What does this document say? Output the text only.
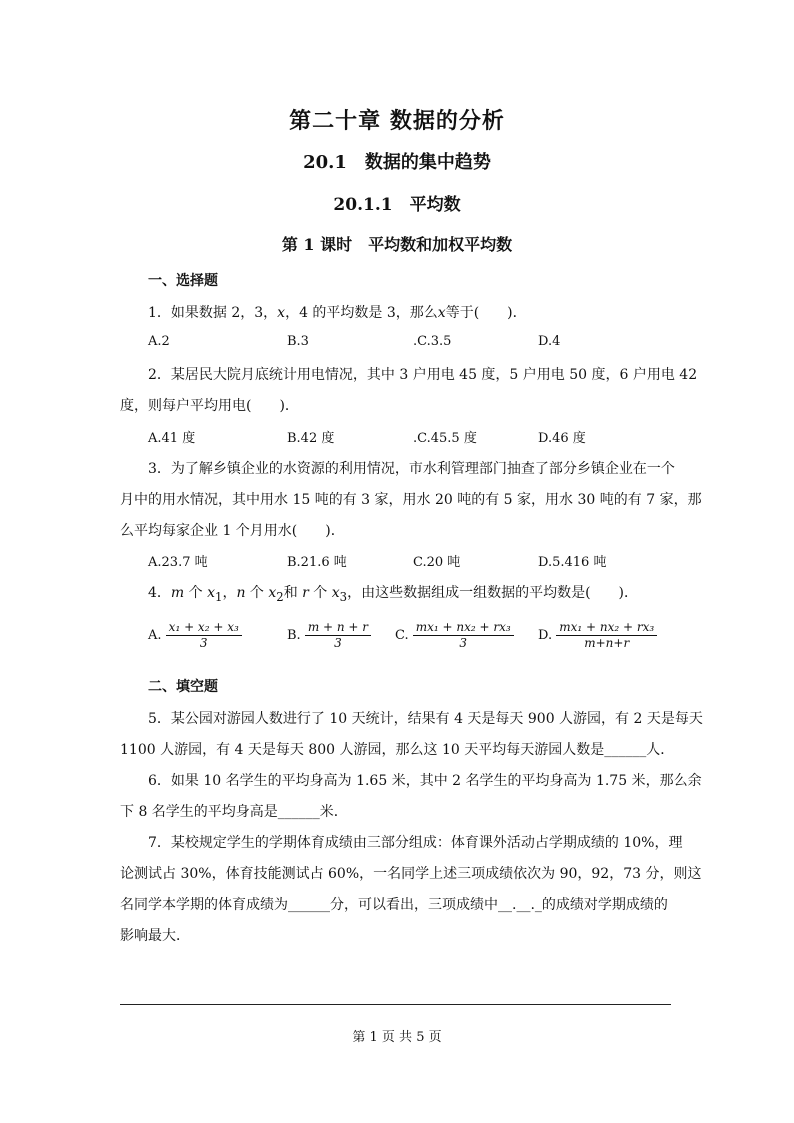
第二十章 数据的分析
20.1　数据的集中趋势
20.1.1　平均数
第 1 课时　平均数和加权平均数
一、选择题
1．如果数据 2，3，x，4 的平均数是 3，那么x等于(　　)．
A.2	B.3	.C.3.5	D.4
2．某居民大院月底统计用电情况，其中 3 户用电 45 度，5 户用电 50 度，6 户用电 42
度，则每户平均用电(　　)．
A.41 度	B.42 度	.C.45.5 度	D.46 度
3．为了解乡镇企业的水资源的利用情况，市水利管理部门抽查了部分乡镇企业在一个
月中的用水情况，其中用水 15 吨的有 3 家，用水 20 吨的有 5 家，用水 30 吨的有 7 家，那
么平均每家企业 1 个月用水(　　)．
A.23.7 吨	B.21.6 吨	C.20 吨	D.5.416 吨
4．m 个 $x_1$，n 个 $x_2$和 r 个 $x_3$，由这些数据组成一组数据的平均数是(　　)．
A. $\frac{\text{x₁ + x₂ + x₃}}{3}$	B. $\frac{m + n + r}{3} C$. $\frac{\text{mx₁ + nx₂ + rx₃}}{3} D$. $\frac{\text{mx₁ + nx₂ + rx₃}}{m+n+r}$
二、填空题
5．某公园对游园人数进行了 10 天统计，结果有 4 天是每天 900 人游园，有 2 天是每天
1100 人游园，有 4 天是每天 800 人游园，那么这 10 天平均每天游园人数是______人．
6．如果 10 名学生的平均身高为 1.65 米，其中 2 名学生的平均身高为 1.75 米，那么余
下 8 名学生的平均身高是______米．
7．某校规定学生的学期体育成绩由三部分组成：体育课外活动占学期成绩的 10%，理
论测试占 30%，体育技能测试占 60%，一名同学上述三项成绩依次为 90，92，73 分，则这
名同学本学期的体育成绩为______分，可以看出，三项成绩中__.__._的成绩对学期成绩的
影响最大．
第 1 页 共 5 页
